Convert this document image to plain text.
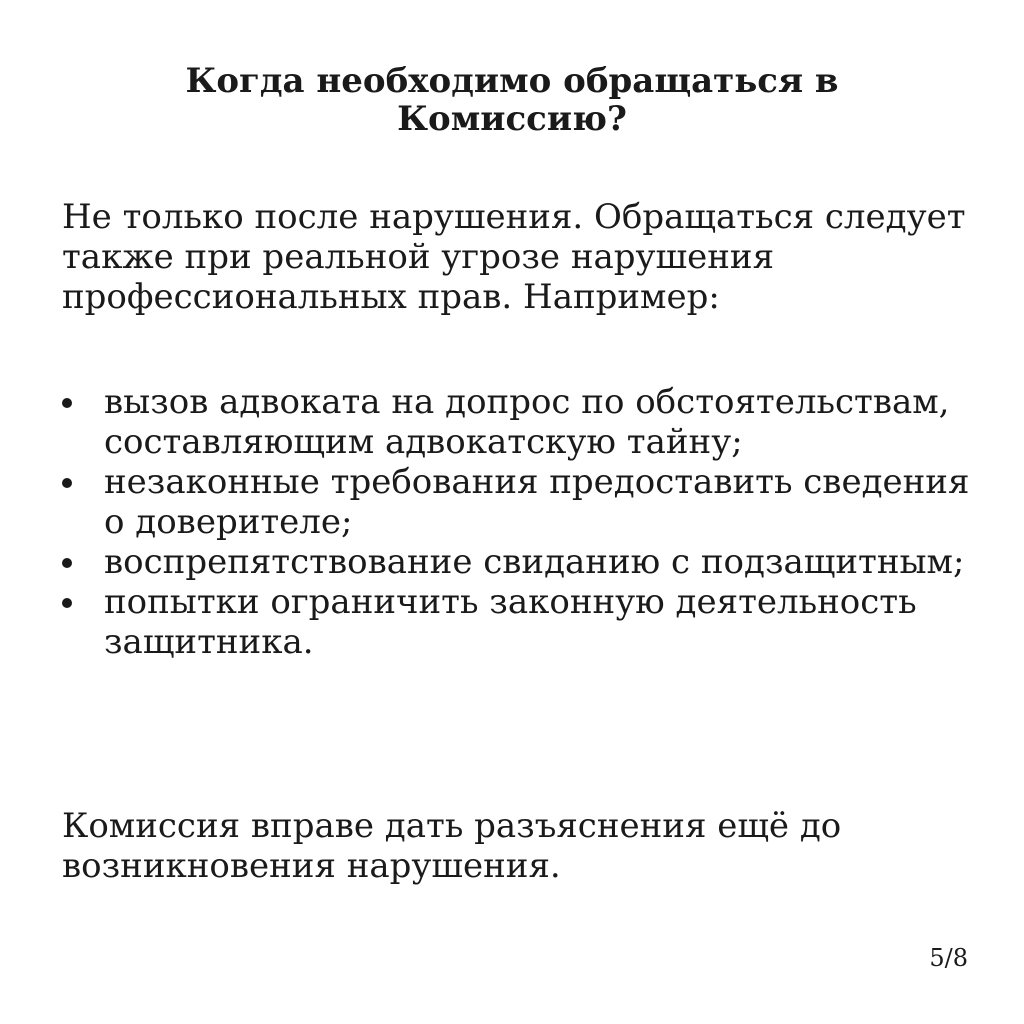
Когда необходимо обращаться в Комиссию?

Не только после нарушения. Обращаться следует также при реальной угрозе нарушения профессиональных прав. Например:

вызов адвоката на допрос по обстоятельствам, составляющим адвокатскую тайну;
незаконные требования предоставить сведения о доверителе;
воспрепятствование свиданию с подзащитным;
попытки ограничить законную деятельность защитника.

Комиссия вправе дать разъяснения ещё до возникновения нарушения.

5/8
